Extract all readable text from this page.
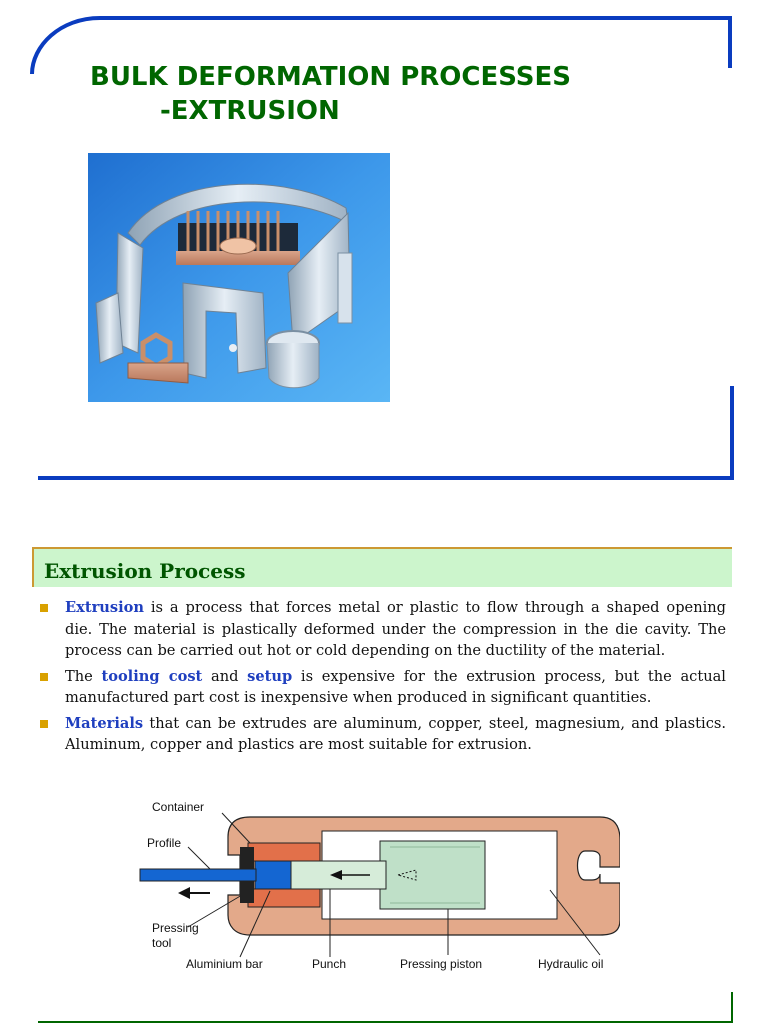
BULK DEFORMATION PROCESSES
-EXTRUSION
Extrusion Process
Extrusion is a process that forces metal or plastic to flow through a shaped opening die. The material is plastically deformed under the compression in the die cavity. The process can be carried out hot or cold depending on the ductility of the material.
The tooling cost and setup is expensive for the extrusion process, but the actual manufactured part cost is inexpensive when produced in significant quantities.
Materials that can be extrudes are aluminum, copper, steel, magnesium, and plastics. Aluminum, copper and plastics are most suitable for extrusion.
Container
Profile
Pressing
tool
Aluminium bar	Punch	Pressing piston	Hydraulic oil
